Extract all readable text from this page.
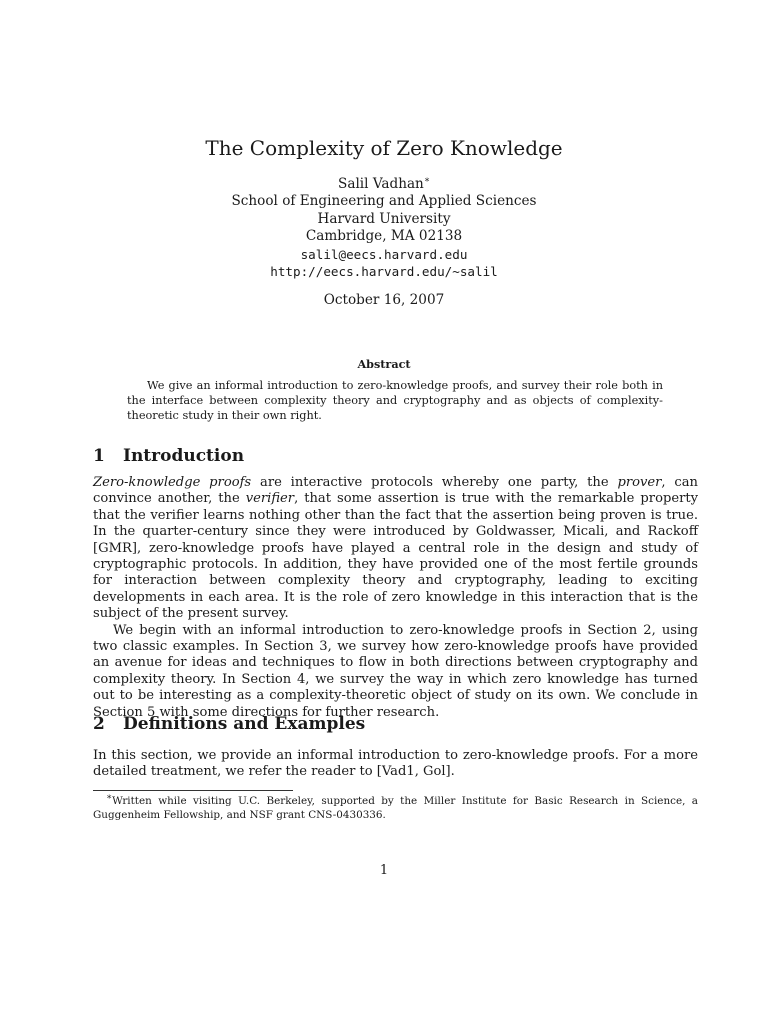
The Complexity of Zero Knowledge
Salil Vadhan∗
School of Engineering and Applied Sciences
Harvard University
Cambridge, MA 02138
salil@eecs.harvard.edu
http://eecs.harvard.edu/~salil
October 16, 2007
Abstract
We give an informal introduction to zero-knowledge proofs, and survey their role both in the interface between complexity theory and cryptography and as objects of complexity-theoretic study in their own right.
1 Introduction

Zero-knowledge proofs are interactive protocols whereby one party, the prover, can convince another, the verifier, that some assertion is true with the remarkable property that the verifier learns nothing other than the fact that the assertion being proven is true. In the quarter-century since they were introduced by Goldwasser, Micali, and Rackoff [GMR], zero-knowledge proofs have played a central role in the design and study of cryptographic protocols. In addition, they have provided one of the most fertile grounds for interaction between complexity theory and cryptography, leading to exciting developments in each area. It is the role of zero knowledge in this interaction that is the subject of the present survey.

We begin with an informal introduction to zero-knowledge proofs in Section 2, using two classic examples. In Section 3, we survey how zero-knowledge proofs have provided an avenue for ideas and techniques to flow in both directions between cryptography and complexity theory. In Section 4, we survey the way in which zero knowledge has turned out to be interesting as a complexity-theoretic object of study on its own. We conclude in Section 5 with some directions for further research.

2 Definitions and Examples

In this section, we provide an informal introduction to zero-knowledge proofs. For a more detailed treatment, we refer the reader to [Vad1, Gol].

∗Written while visiting U.C. Berkeley, supported by the Miller Institute for Basic Research in Science, a Guggenheim Fellowship, and NSF grant CNS-0430336.
1
